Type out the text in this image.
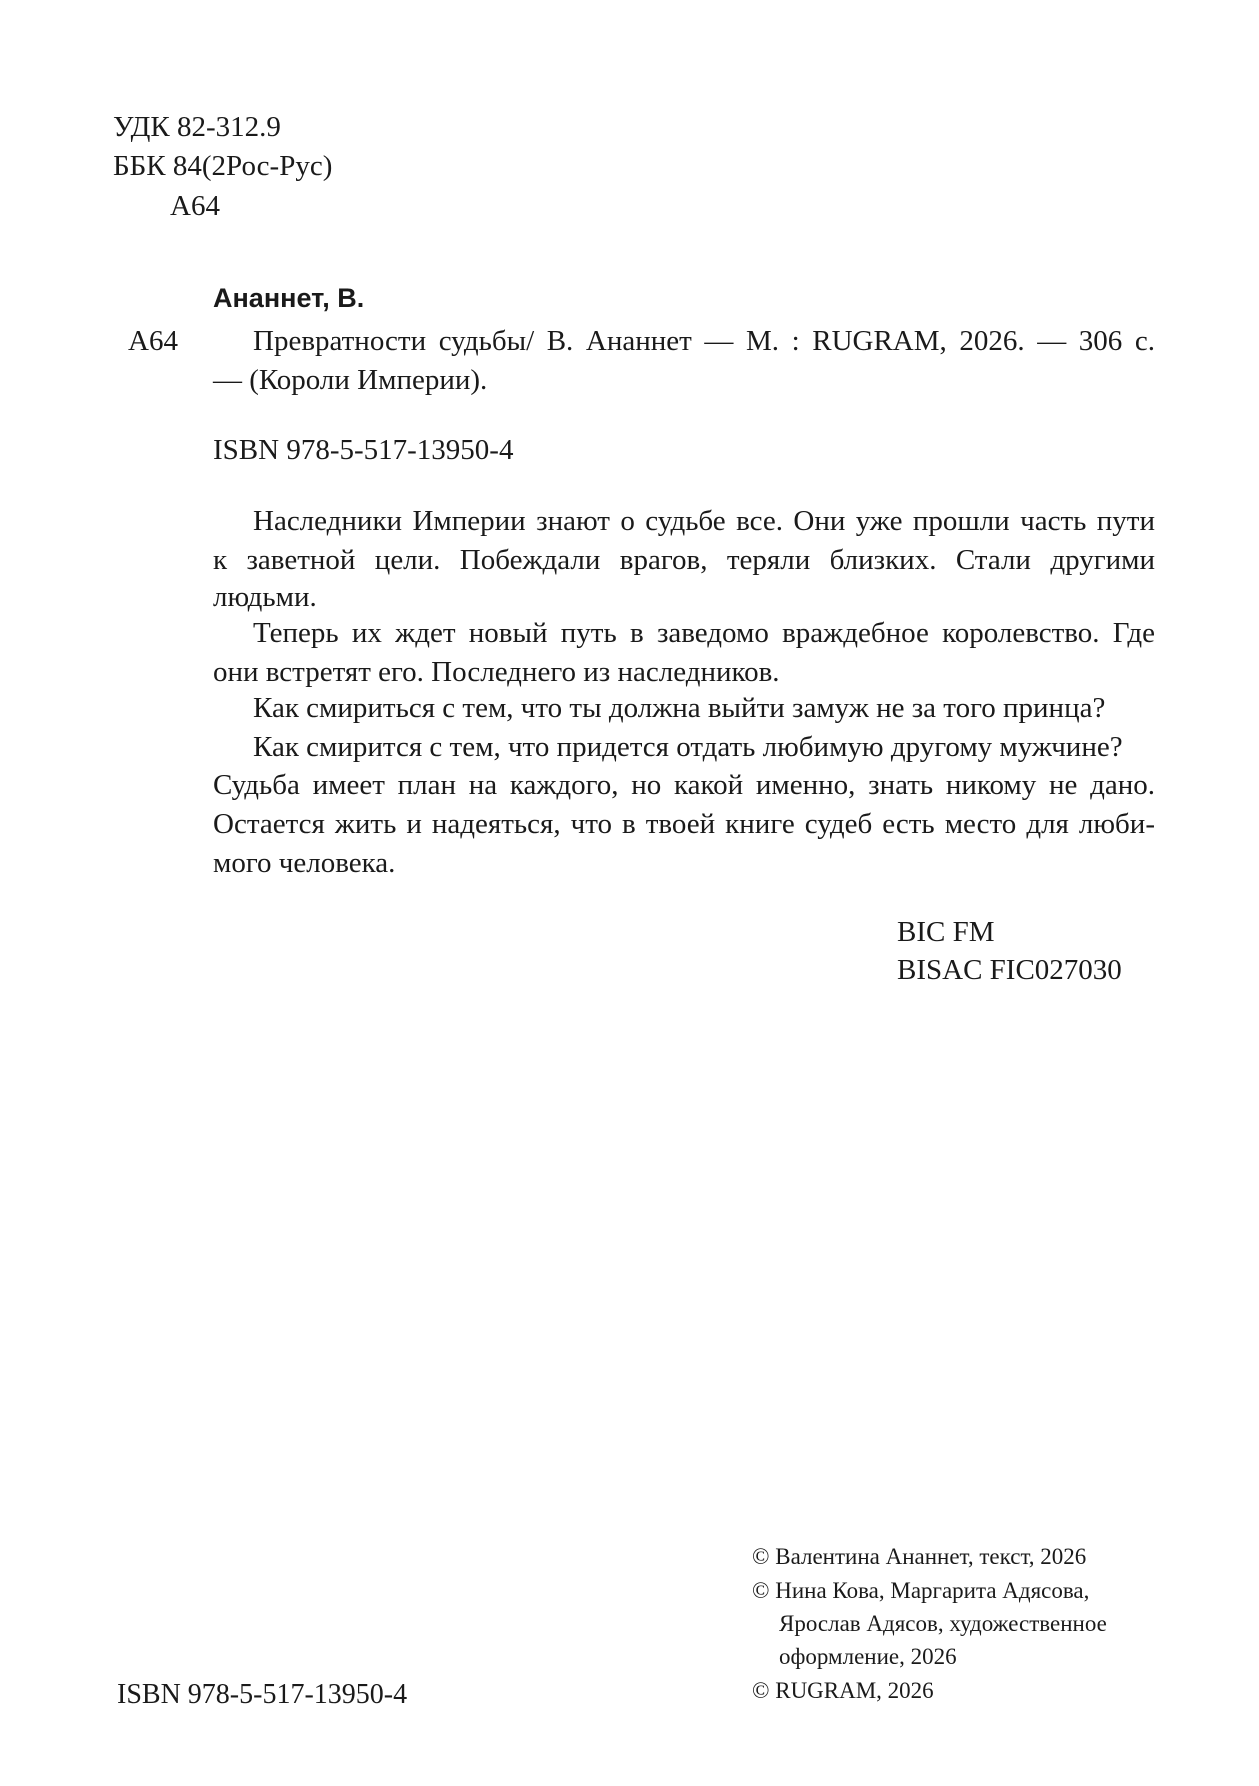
УДК 82-312.9
ББК 84(2Рос-Рус)
А64
Ананнет, В.
А64	Превратности судьбы/ В. Ананнет — М. : RUGRAM, 2026. — 306 с.
— (Короли Империи).
ISBN 978-5-517-13950-4
Наследники Империи знают о судьбе все. Они уже прошли часть пути
к заветной цели. Побеждали врагов, теряли близких. Стали другими
людьми.
Теперь их ждет новый путь в заведомо враждебное королевство. Где
они встретят его. Последнего из наследников.
Как смириться с тем, что ты должна выйти замуж не за того принца?
Как смирится с тем, что придется отдать любимую другому мужчине?
Судьба имеет план на каждого, но какой именно, знать никому не дано.
Остается жить и надеяться, что в твоей книге судеб есть место для люби-
мого человека.
BIC FM
BISAC FIC027030
© Валентина Ананнет, текст, 2026
© Нина Кова, Маргарита Адясова,
Ярослав Адясов, художественное
оформление, 2026
© RUGRAM, 2026
ISBN 978-5-517-13950-4
